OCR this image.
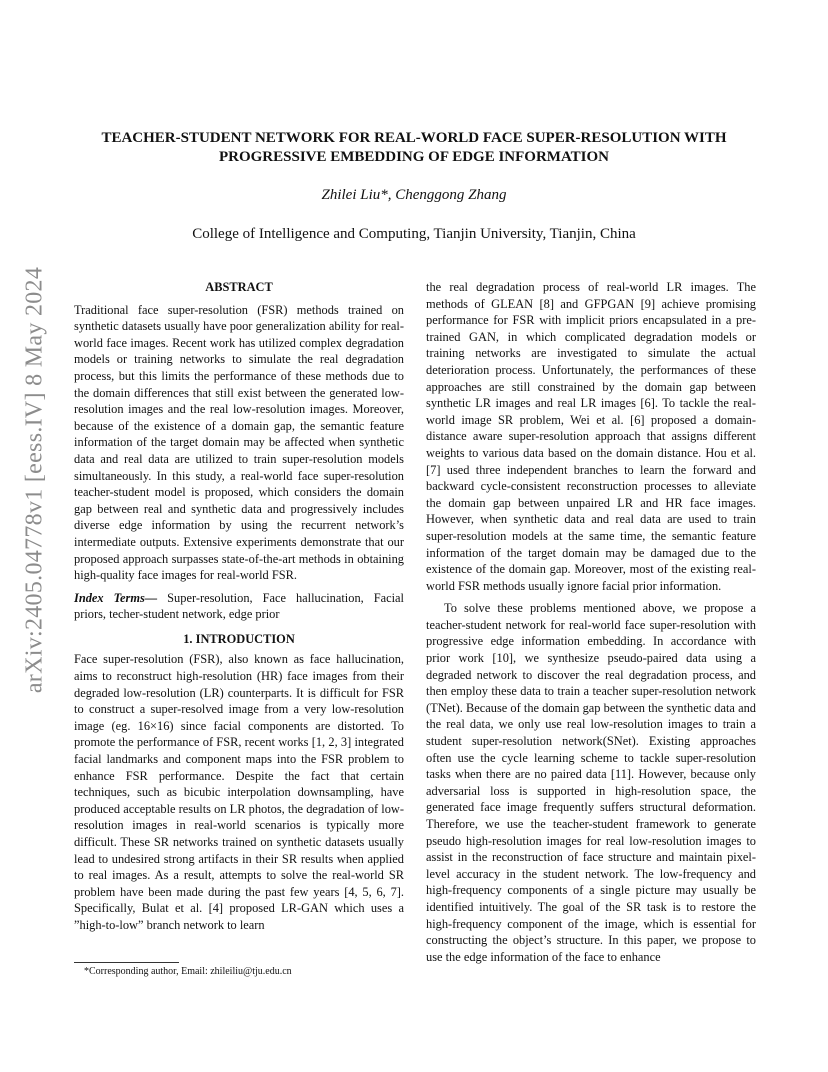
arXiv:2405.04778v1 [eess.IV] 8 May 2024
TEACHER-STUDENT NETWORK FOR REAL-WORLD FACE SUPER-RESOLUTION WITH
PROGRESSIVE EMBEDDING OF EDGE INFORMATION
Zhilei Liu*, Chenggong Zhang
College of Intelligence and Computing, Tianjin University, Tianjin, China
ABSTRACT

Traditional face super-resolution (FSR) methods trained on synthetic datasets usually have poor generalization ability for real-world face images. Recent work has utilized complex degradation models or training networks to simulate the real degradation process, but this limits the performance of these methods due to the domain differences that still exist between the generated low-resolution images and the real low-resolution images. Moreover, because of the existence of a domain gap, the semantic feature information of the target domain may be affected when synthetic data and real data are utilized to train super-resolution models simultaneously. In this study, a real-world face super-resolution teacher-student model is proposed, which considers the domain gap between real and synthetic data and progressively includes diverse edge information by using the recurrent network’s intermediate outputs. Extensive experiments demonstrate that our proposed approach surpasses state-of-the-art methods in obtaining high-quality face images for real-world FSR.

Index Terms— Super-resolution, Face hallucination, Facial priors, techer-student network, edge prior

1. INTRODUCTION

Face super-resolution (FSR), also known as face hallucination, aims to reconstruct high-resolution (HR) face images from their degraded low-resolution (LR) counterparts. It is difficult for FSR to construct a super-resolved image from a very low-resolution image (eg. 16×16) since facial components are distorted. To promote the performance of FSR, recent works [1, 2, 3] integrated facial landmarks and component maps into the FSR problem to enhance FSR performance. Despite the fact that certain techniques, such as bicubic interpolation downsampling, have produced acceptable results on LR photos, the degradation of low-resolution images in real-world scenarios is typically more difficult. These SR networks trained on synthetic datasets usually lead to undesired strong artifacts in their SR results when applied to real images. As a result, attempts to solve the real-world SR problem have been made during the past few years [4, 5, 6, 7]. Specifically, Bulat et al. [4] proposed LR-GAN which uses a ”high-to-low” branch network to learn

*Corresponding author, Email: zhileiliu@tju.edu.cn

the real degradation process of real-world LR images. The methods of GLEAN [8] and GFPGAN [9] achieve promising performance for FSR with implicit priors encapsulated in a pre-trained GAN, in which complicated degradation models or training networks are investigated to simulate the actual deterioration process. Unfortunately, the performances of these approaches are still constrained by the domain gap between synthetic LR images and real LR images [6]. To tackle the real-world image SR problem, Wei et al. [6] proposed a domain-distance aware super-resolution approach that assigns different weights to various data based on the domain distance. Hou et al. [7] used three independent branches to learn the forward and backward cycle-consistent reconstruction processes to alleviate the domain gap between unpaired LR and HR face images. However, when synthetic data and real data are used to train super-resolution models at the same time, the semantic feature information of the target domain may be damaged due to the existence of the domain gap. Moreover, most of the existing real-world FSR methods usually ignore facial prior information.

To solve these problems mentioned above, we propose a teacher-student network for real-world face super-resolution with progressive edge information embedding. In accordance with prior work [10], we synthesize pseudo-paired data using a degraded network to discover the real degradation process, and then employ these data to train a teacher super-resolution network (TNet). Because of the domain gap between the synthetic data and the real data, we only use real low-resolution images to train a student super-resolution network(SNet). Existing approaches often use the cycle learning scheme to tackle super-resolution tasks when there are no paired data [11]. However, because only adversarial loss is supported in high-resolution space, the generated face image frequently suffers structural deformation. Therefore, we use the teacher-student framework to generate pseudo high-resolution images for real low-resolution images to assist in the reconstruction of face structure and maintain pixel-level accuracy in the student network. The low-frequency and high-frequency components of a single picture may usually be identified intuitively. The goal of the SR task is to restore the high-frequency component of the image, which is essential for constructing the object’s structure. In this paper, we propose to use the edge information of the face to enhance
